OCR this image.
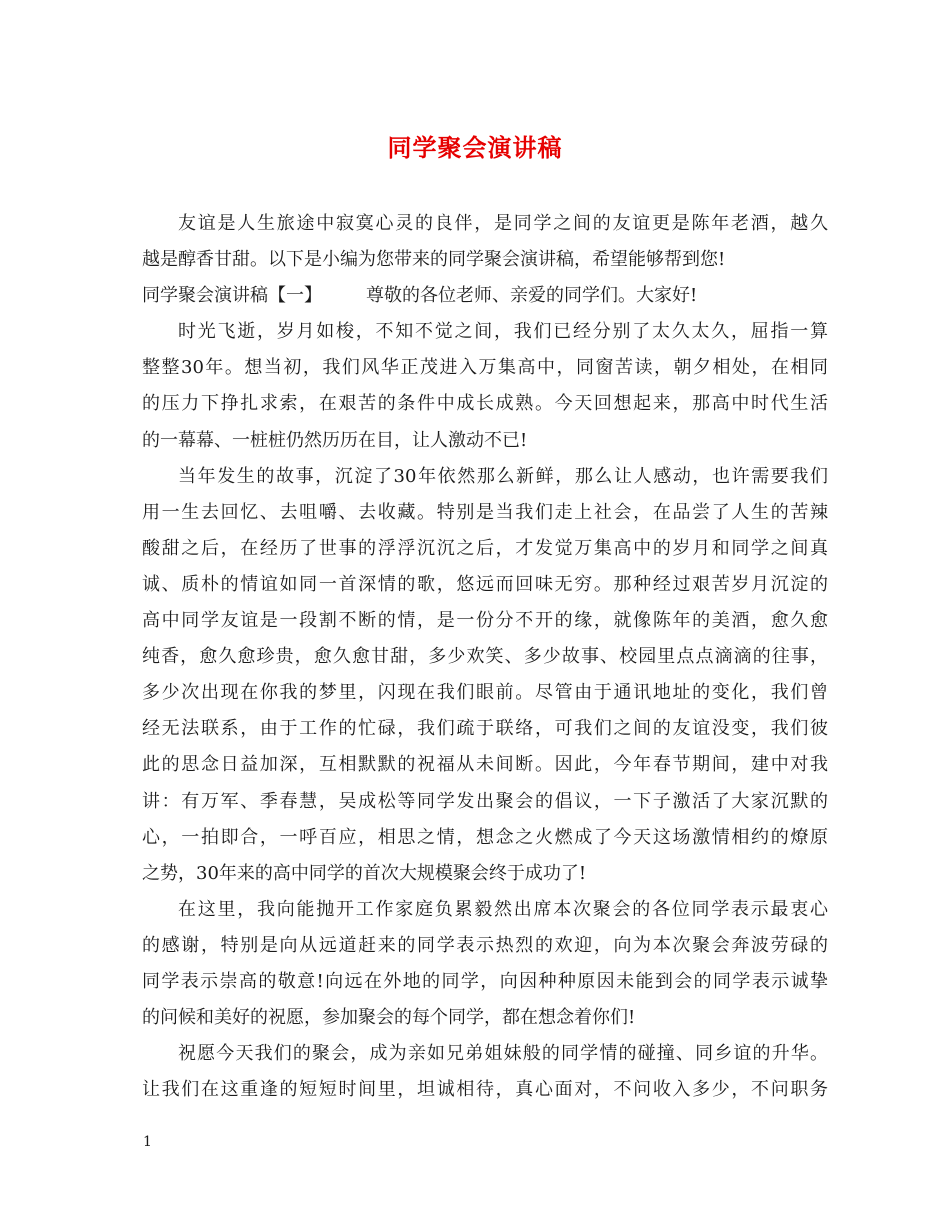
同学聚会演讲稿
友谊是人生旅途中寂寞心灵的良伴，是同学之间的友谊更是陈年老酒，越久
越是醇香甘甜。以下是小编为您带来的同学聚会演讲稿，希望能够帮到您!
同学聚会演讲稿【一】 尊敬的各位老师、亲爱的同学们。大家好!
时光飞逝，岁月如梭，不知不觉之间，我们已经分别了太久太久，屈指一算
整整30年。想当初，我们风华正茂进入万集高中，同窗苦读，朝夕相处，在相同
的压力下挣扎求索，在艰苦的条件中成长成熟。今天回想起来，那高中时代生活
的一幕幕、一桩桩仍然历历在目，让人激动不已!
当年发生的故事，沉淀了30年依然那么新鲜，那么让人感动，也许需要我们
用一生去回忆、去咀嚼、去收藏。特别是当我们走上社会，在品尝了人生的苦辣
酸甜之后，在经历了世事的浮浮沉沉之后，才发觉万集高中的岁月和同学之间真
诚、质朴的情谊如同一首深情的歌，悠远而回味无穷。那种经过艰苦岁月沉淀的
高中同学友谊是一段割不断的情，是一份分不开的缘，就像陈年的美酒，愈久愈
纯香，愈久愈珍贵，愈久愈甘甜，多少欢笑、多少故事、校园里点点滴滴的往事，
多少次出现在你我的梦里，闪现在我们眼前。尽管由于通讯地址的变化，我们曾
经无法联系，由于工作的忙碌，我们疏于联络，可我们之间的友谊没变，我们彼
此的思念日益加深，互相默默的祝福从未间断。因此，今年春节期间，建中对我
讲：有万军、季春慧，吴成松等同学发出聚会的倡议，一下子激活了大家沉默的
心，一拍即合，一呼百应，相思之情，想念之火燃成了今天这场激情相约的燎原
之势，30年来的高中同学的首次大规模聚会终于成功了!
在这里，我向能抛开工作家庭负累毅然出席本次聚会的各位同学表示最衷心
的感谢，特别是向从远道赶来的同学表示热烈的欢迎，向为本次聚会奔波劳碌的
同学表示崇高的敬意!向远在外地的同学，向因种种原因未能到会的同学表示诚挚
的问候和美好的祝愿，参加聚会的每个同学，都在想念着你们!
祝愿今天我们的聚会，成为亲如兄弟姐妹般的同学情的碰撞、同乡谊的升华。
让我们在这重逢的短短时间里，坦诚相待，真心面对，不问收入多少，不问职务
1
